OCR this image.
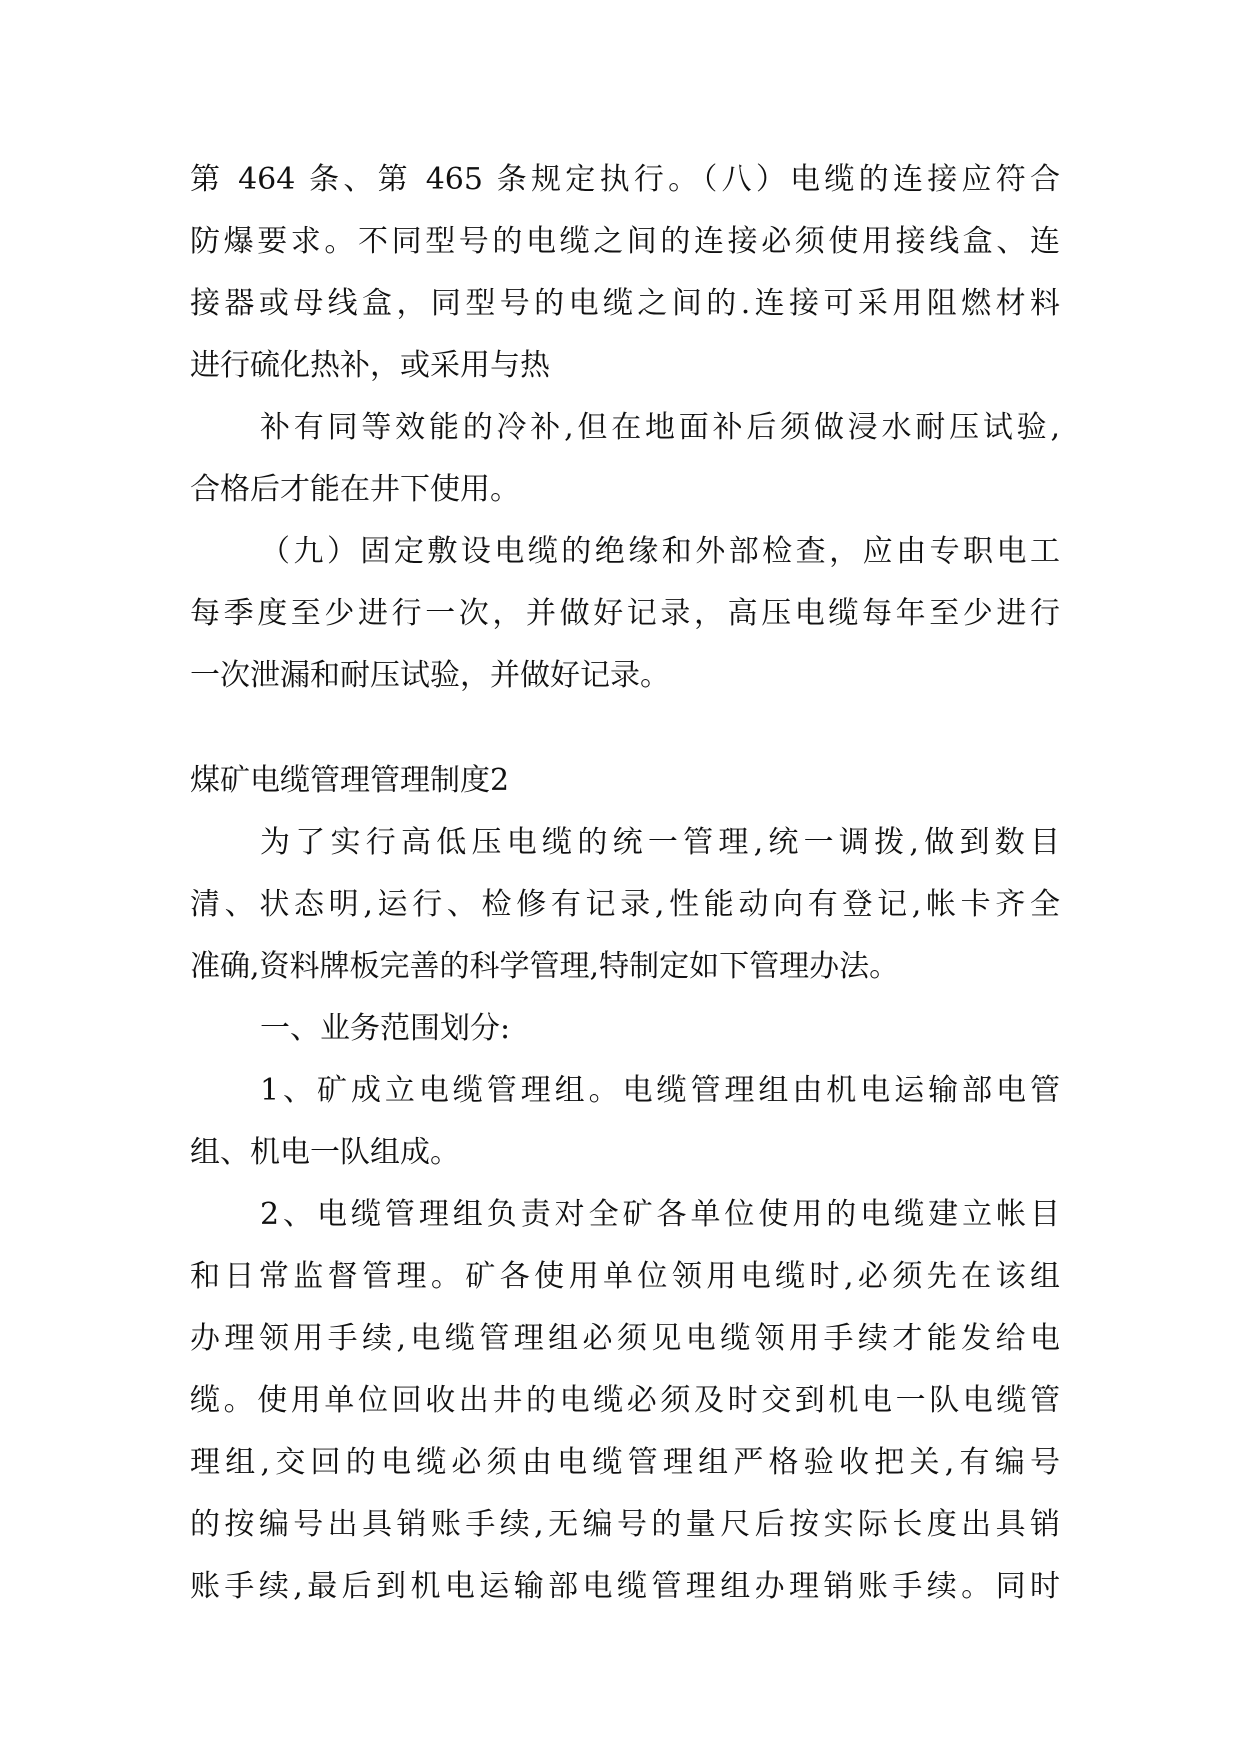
第 464 条、第 465 条规定执行。（八）电缆的连接应符合
防爆要求。不同型号的电缆之间的连接必须使用接线盒、连
接器或母线盒，同型号的电缆之间的.连接可采用阻燃材料
进行硫化热补，或采用与热
补有同等效能的冷补,但在地面补后须做浸水耐压试验,
合格后才能在井下使用。
（九）固定敷设电缆的绝缘和外部检查，应由专职电工
每季度至少进行一次，并做好记录，高压电缆每年至少进行
一次泄漏和耐压试验，并做好记录。
煤矿电缆管理管理制度2
为了实行高低压电缆的统一管理,统一调拨,做到数目
清、状态明,运行、检修有记录,性能动向有登记,帐卡齐全
准确,资料牌板完善的科学管理,特制定如下管理办法。
一、业务范围划分:
1、矿成立电缆管理组。电缆管理组由机电运输部电管
组、机电一队组成。
2、电缆管理组负责对全矿各单位使用的电缆建立帐目
和日常监督管理。矿各使用单位领用电缆时,必须先在该组
办理领用手续,电缆管理组必须见电缆领用手续才能发给电
缆。使用单位回收出井的电缆必须及时交到机电一队电缆管
理组,交回的电缆必须由电缆管理组严格验收把关,有编号
的按编号出具销账手续,无编号的量尺后按实际长度出具销
账手续,最后到机电运输部电缆管理组办理销账手续。同时
